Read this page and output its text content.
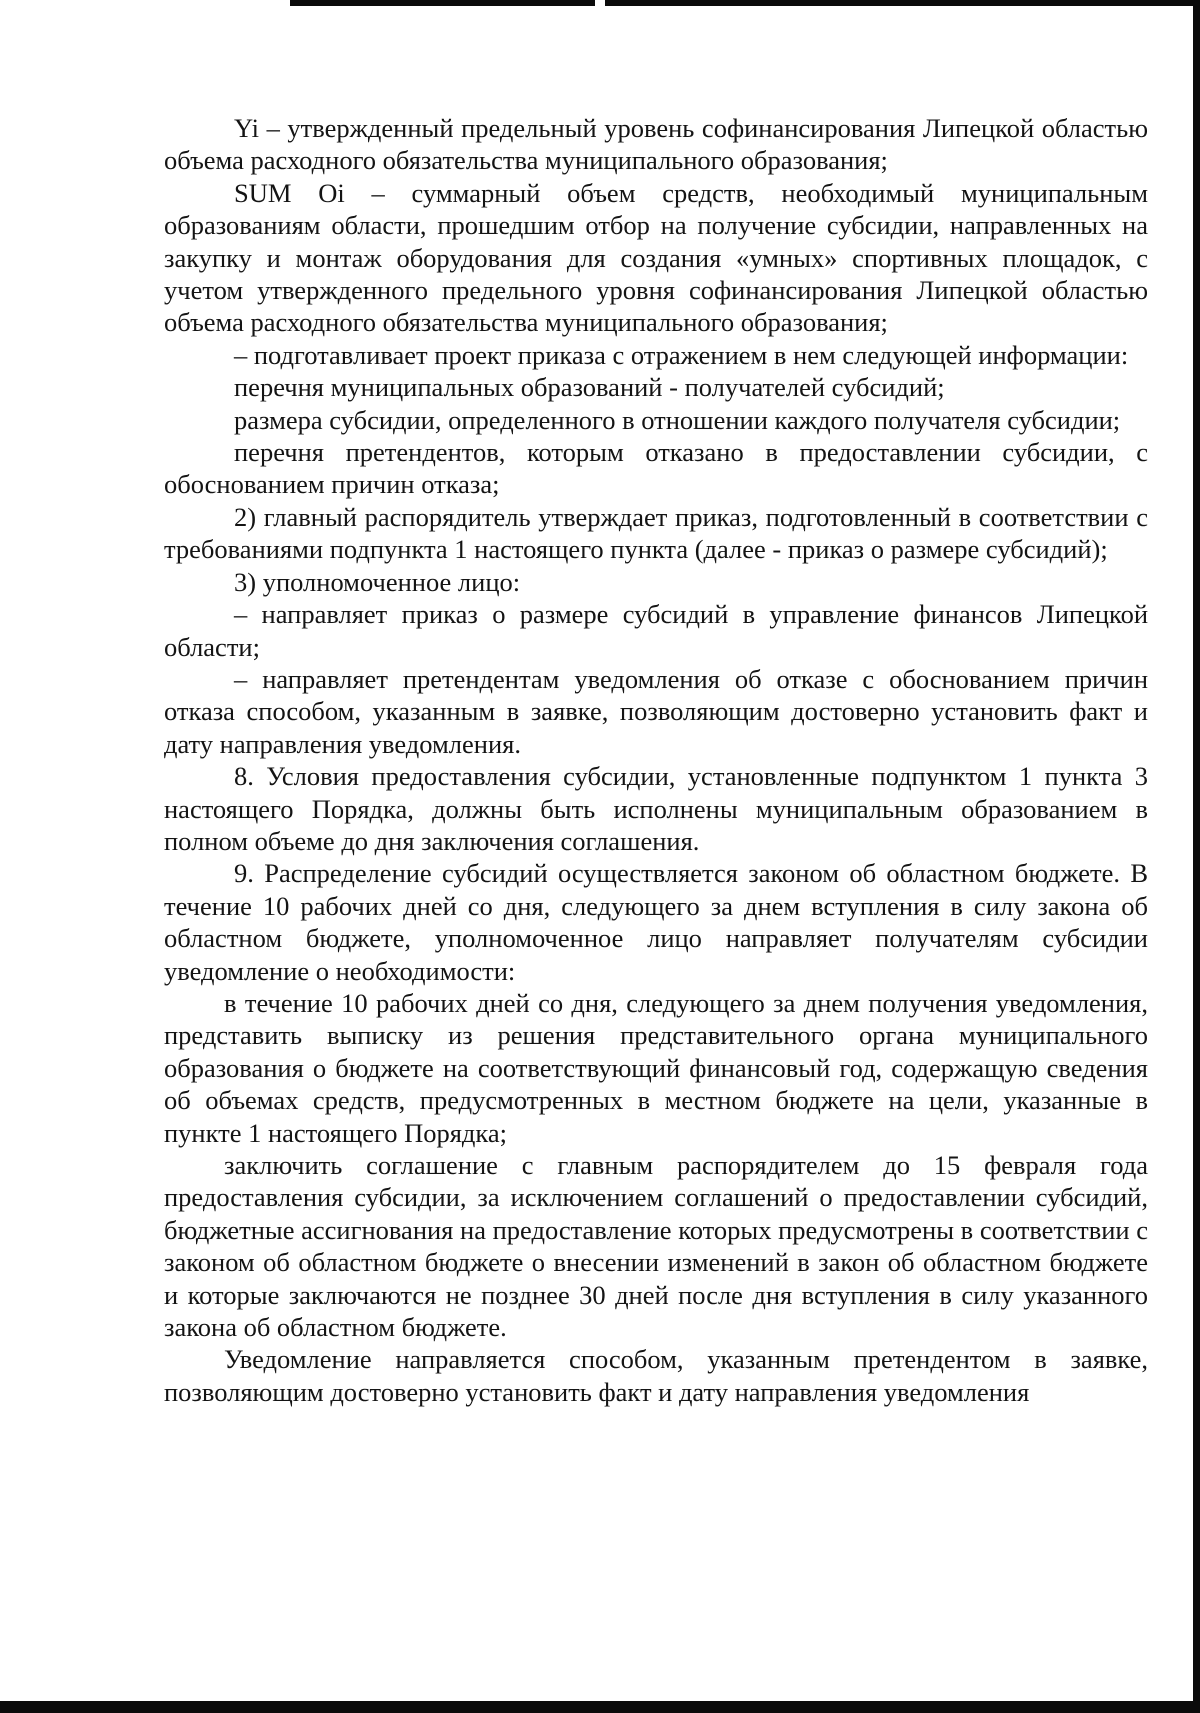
Yi – утвержденный предельный уровень софинансирования Липецкой областью объема расходного обязательства муниципального образования;

SUM Oi – суммарный объем средств, необходимый муниципальным образованиям области, прошедшим отбор на получение субсидии, направленных на закупку и монтаж оборудования для создания «умных» спортивных площадок, с учетом утвержденного предельного уровня софинансирования Липецкой областью объема расходного обязательства муниципального образования;

– подготавливает проект приказа с отражением в нем следующей информации:

перечня муниципальных образований - получателей субсидий;

размера субсидии, определенного в отношении каждого получателя субсидии;

перечня претендентов, которым отказано в предоставлении субсидии, с обоснованием причин отказа;

2) главный распорядитель утверждает приказ, подготовленный в соответствии с требованиями подпункта 1 настоящего пункта (далее - приказ о размере субсидий);

3) уполномоченное лицо:

– направляет приказ о размере субсидий в управление финансов Липецкой области;

– направляет претендентам уведомления об отказе с обоснованием причин отказа способом, указанным в заявке, позволяющим достоверно установить факт и дату направления уведомления.

8. Условия предоставления субсидии, установленные подпунктом 1 пункта 3 настоящего Порядка, должны быть исполнены муниципальным образованием в полном объеме до дня заключения соглашения.

9. Распределение субсидий осуществляется законом об областном бюджете. В течение 10 рабочих дней со дня, следующего за днем вступления в силу закона об областном бюджете, уполномоченное лицо направляет получателям субсидии уведомление о необходимости:

в течение 10 рабочих дней со дня, следующего за днем получения уведомления, представить выписку из решения представительного органа муниципального образования о бюджете на соответствующий финансовый год, содержащую сведения об объемах средств, предусмотренных в местном бюджете на цели, указанные в пункте 1 настоящего Порядка;

заключить соглашение с главным распорядителем до 15 февраля года предоставления субсидии, за исключением соглашений о предоставлении субсидий, бюджетные ассигнования на предоставление которых предусмотрены в соответствии с законом об областном бюджете о внесении изменений в закон об областном бюджете и которые заключаются не позднее 30 дней после дня вступления в силу указанного закона об областном бюджете.

Уведомление направляется способом, указанным претендентом в заявке, позволяющим достоверно установить факт и дату направления уведомления
